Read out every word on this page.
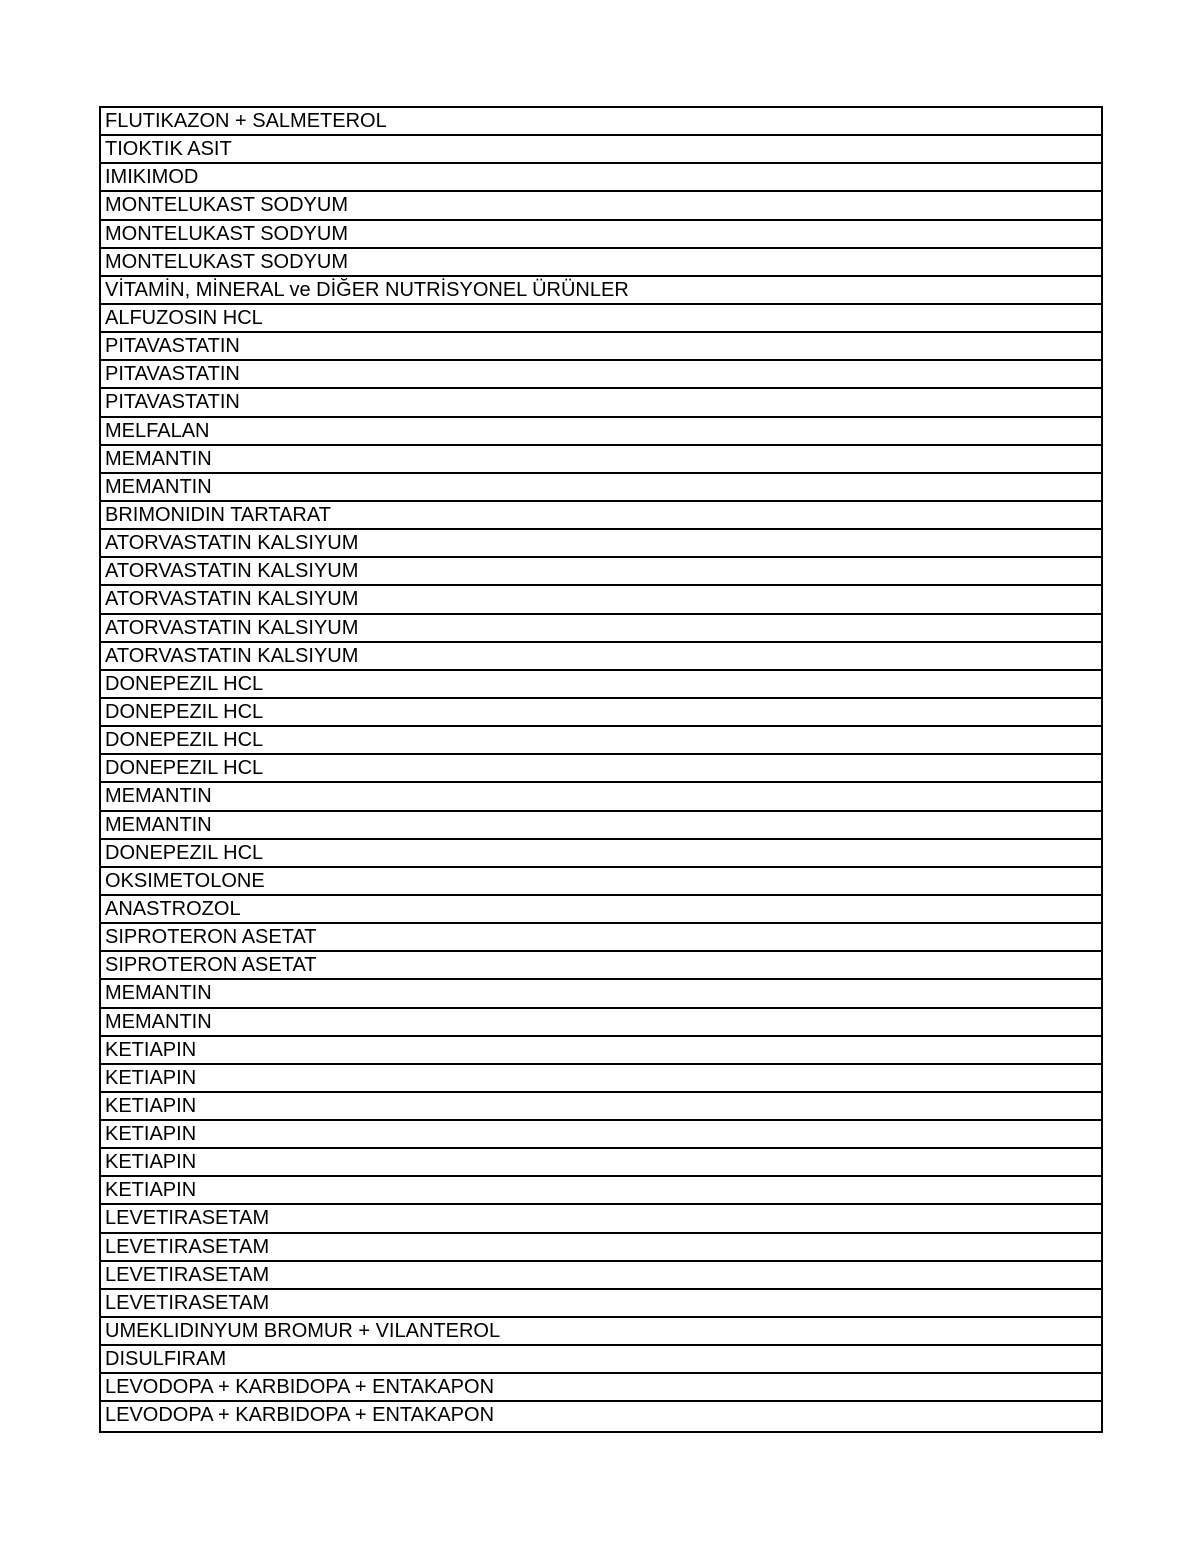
FLUTIKAZON + SALMETEROL
TIOKTIK ASIT
IMIKIMOD
MONTELUKAST SODYUM
MONTELUKAST SODYUM
MONTELUKAST SODYUM
VİTAMİN, MİNERAL ve DİĞER NUTRİSYONEL ÜRÜNLER
ALFUZOSIN HCL
PITAVASTATIN
PITAVASTATIN
PITAVASTATIN
MELFALAN
MEMANTIN
MEMANTIN
BRIMONIDIN TARTARAT
ATORVASTATIN KALSIYUM
ATORVASTATIN KALSIYUM
ATORVASTATIN KALSIYUM
ATORVASTATIN KALSIYUM
ATORVASTATIN KALSIYUM
DONEPEZIL HCL
DONEPEZIL HCL
DONEPEZIL HCL
DONEPEZIL HCL
MEMANTIN
MEMANTIN
DONEPEZIL HCL
OKSIMETOLONE
ANASTROZOL
SIPROTERON ASETAT
SIPROTERON ASETAT
MEMANTIN
MEMANTIN
KETIAPIN
KETIAPIN
KETIAPIN
KETIAPIN
KETIAPIN
KETIAPIN
LEVETIRASETAM
LEVETIRASETAM
LEVETIRASETAM
LEVETIRASETAM
UMEKLIDINYUM BROMUR + VILANTEROL
DISULFIRAM
LEVODOPA + KARBIDOPA + ENTAKAPON
LEVODOPA + KARBIDOPA + ENTAKAPON
